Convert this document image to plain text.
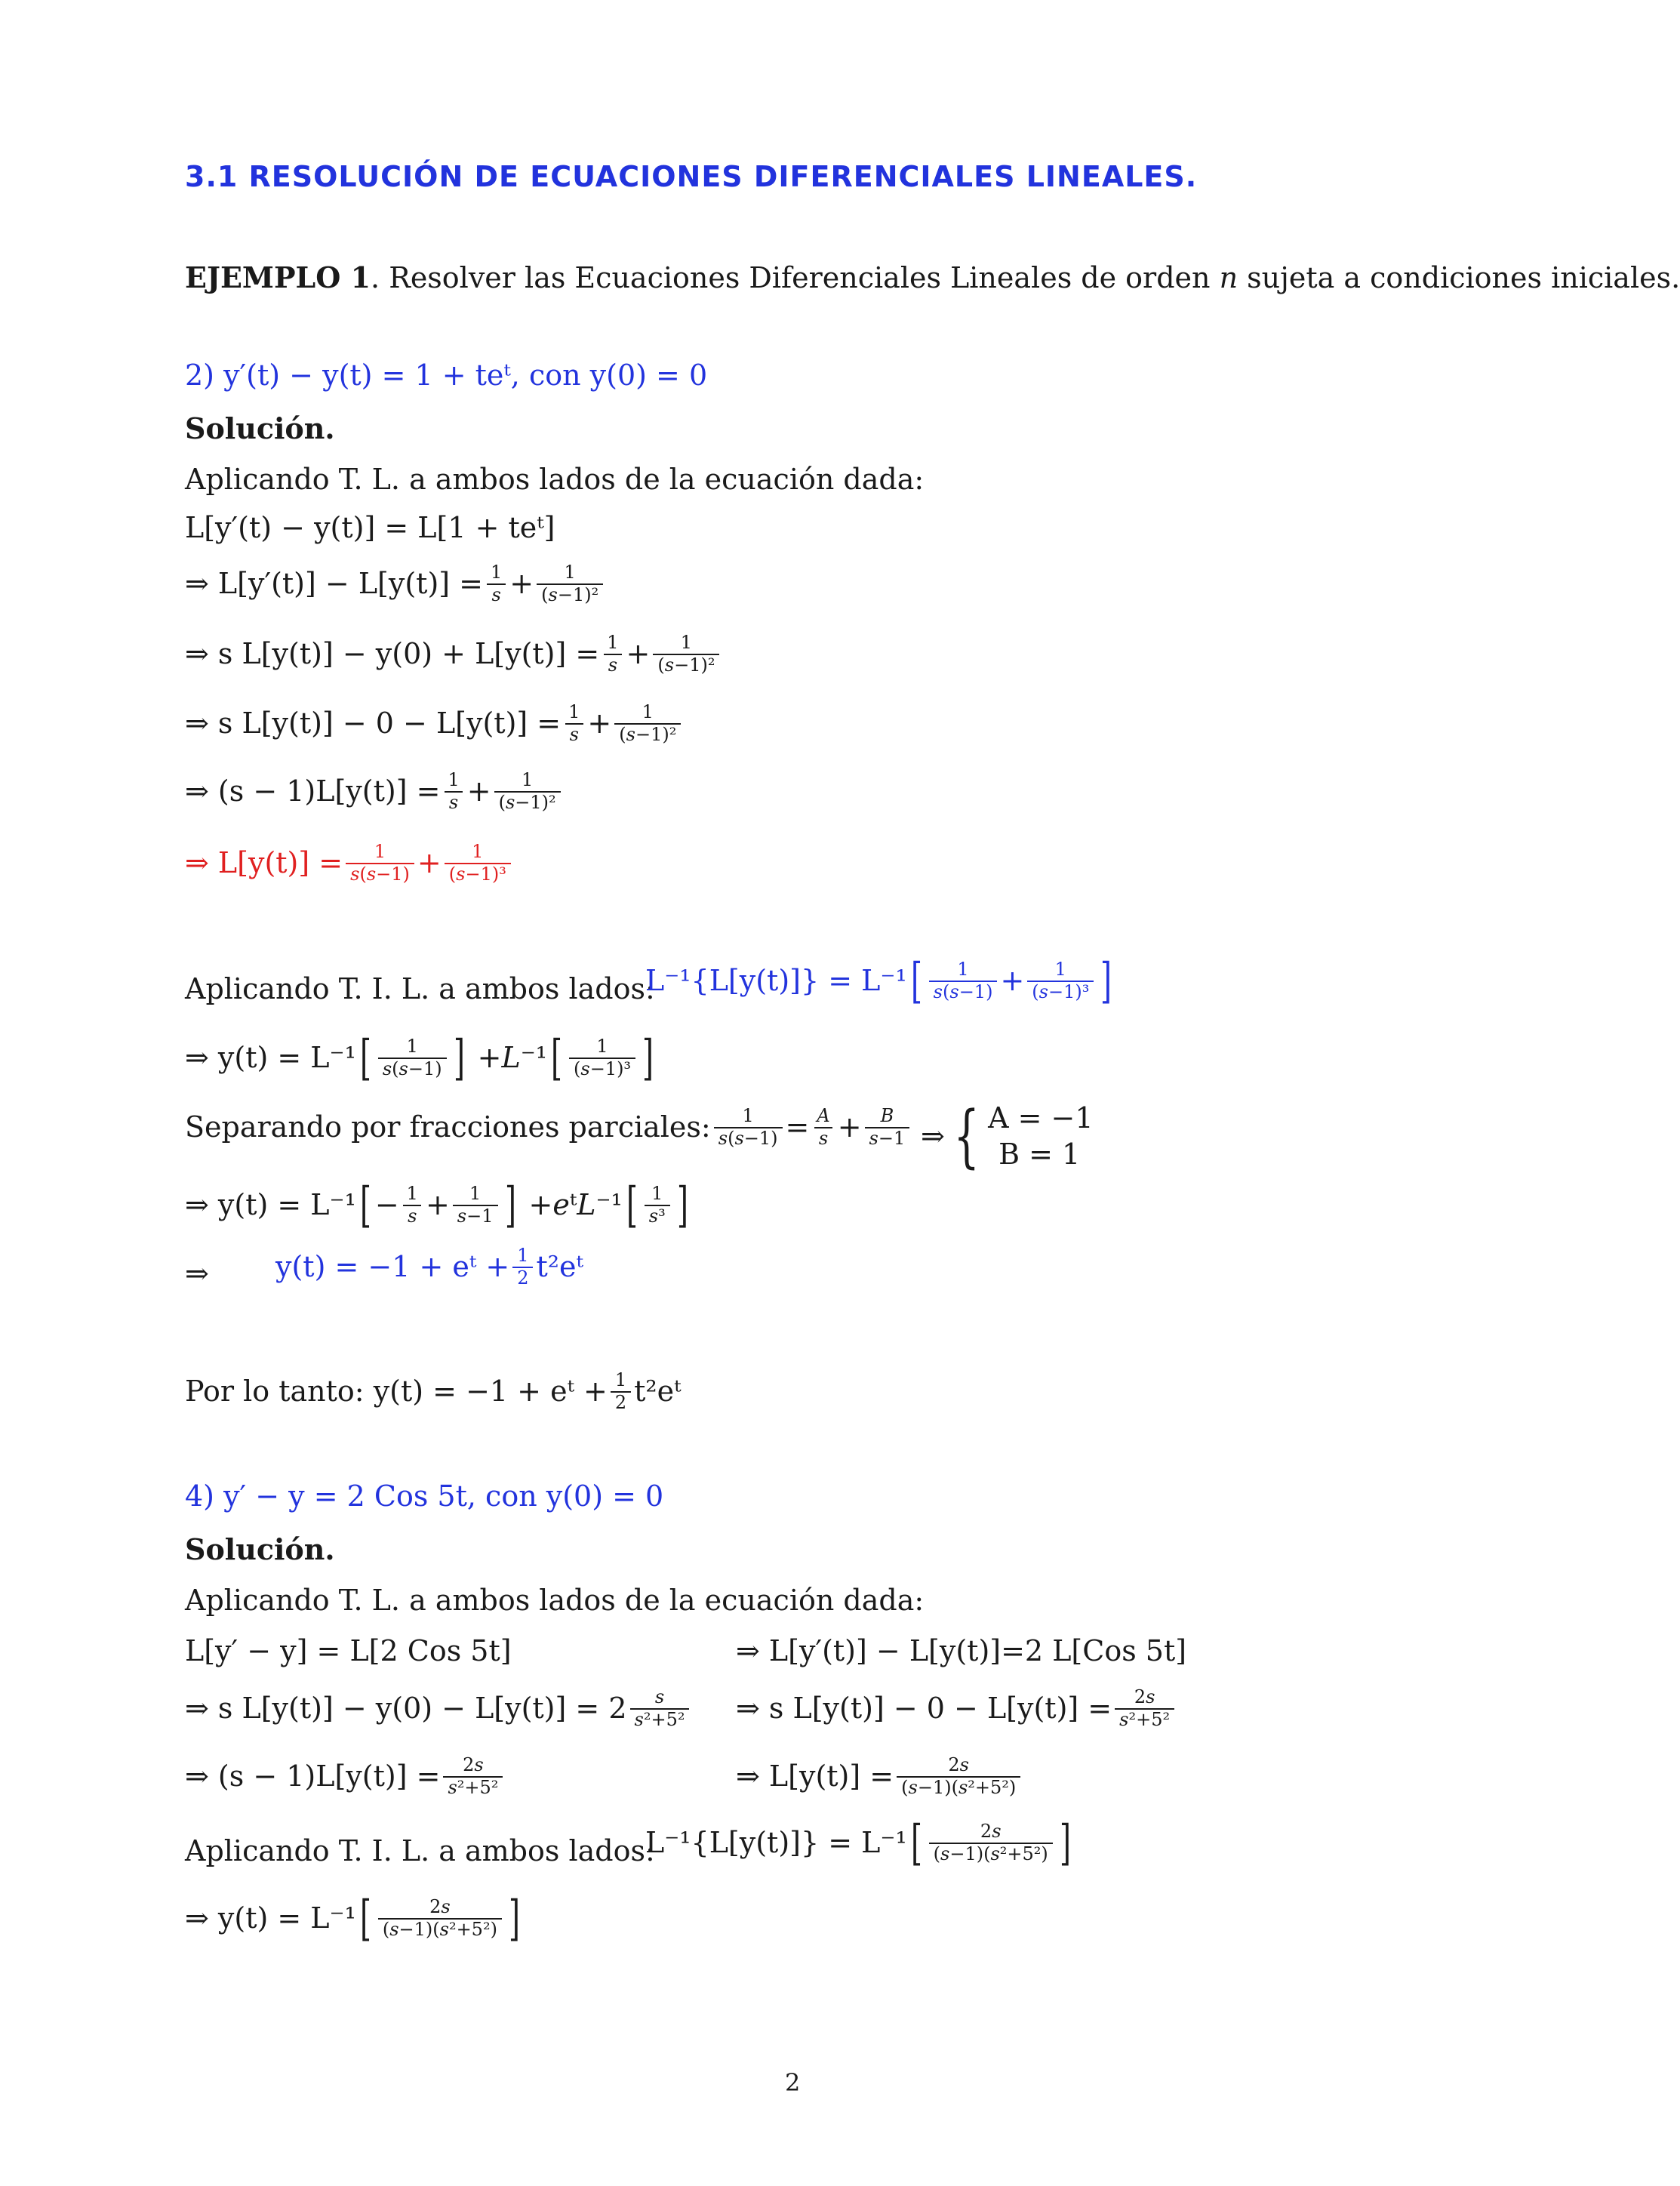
3.1 RESOLUCIÓN DE ECUACIONES DIFERENCIALES LINEALES.
EJEMPLO 1. Resolver las Ecuaciones Diferenciales Lineales de orden n sujeta a condiciones iniciales.
2) y′(t) − y(t) = 1 + teᵗ, con y(0) = 0
Solución.
Aplicando T. L. a ambos lados de la ecuación dada:
L[y′(t) − y(t)] = L[1 + teᵗ]
⇒ $L[y'(t)] - L[y(t)] = \frac{1}{s} + \frac{1}{\text{(s−1)²}}$
⇒ s $L[y(t)] - y(0) + L[y(t)] = \frac{1}{s} + \frac{1}{\text{(s−1)²}}$
⇒ s $L[y(t)] - 0 - L[y(t)] = \frac{1}{s} + \frac{1}{\text{(s−1)²}}$
⇒ $(s - 1)L[y(t)] = \frac{1}{s} + \frac{1}{\text{(s−1)²}}$
⇒ $L[y(t)] = \frac{1}{s(s-1)} + \frac{1}{\text{(s−1)³}}$
Aplicando T. I. L. a ambos lados:
L⁻¹{L[y(t)]} = L⁻¹ [ $\frac{1}{s(s-1)} + \frac{1}{\text{(s−1)³}}$ ]
⇒ y(t) = L⁻¹ [ $\frac{1}{s(s-1)}$ ] + L ⁻¹ [ $\frac{1}{\text{(s−1)³}}$ ]
Separando por fracciones parciales: $\frac{1}{s(s-1)} = \frac{A}{s} + \frac{B}{s-1}$ ⇒ { A = −1
B = 1
⇒ y(t) = L⁻¹ [ − $\frac{1}{s} + \frac{1}{s-1}$ ] + e ᵗ L ⁻¹ [ $\frac{1}{\text{s³}}$ ]
⇒ y(t) = −1 + eᵗ + $\frac{1}{2}$ t²eᵗ
Por lo tanto: y(t) = −1 + eᵗ + $\frac{1}{2}$ t²eᵗ
4) y′ − y = 2 Cos 5t, con y(0) = 0
Solución.
Aplicando T. L. a ambos lados de la ecuación dada:
L[y′ − y] = L[2 Cos 5t]	⇒ L[y′(t)] − L[y(t)]=2 L[Cos 5t]
⇒ s $L[y(t)] - y(0) - L[y(t)] = 2 \frac{s}{\text{s²+5²}}$ ⇒ s $L[y(t)] - 0 - L[y(t)] = \frac{2s}{\text{s²+5²}}$
⇒ $(s - 1)L[y(t)] = \frac{2s}{\text{s²+5²}}$	⇒ $L[y(t)] = \frac{2s}{\text{(s−1)(s²+5²)}}$
Aplicando T. I. L. a ambos lados:
L⁻¹{L[y(t)]} = L⁻¹ [ $\frac{2s}{\text{(s−1)(s²+5²)}}$ ]
⇒ y(t) = L⁻¹ [ $\frac{2s}{\text{(s−1)(s²+5²)}}$ ]
2
